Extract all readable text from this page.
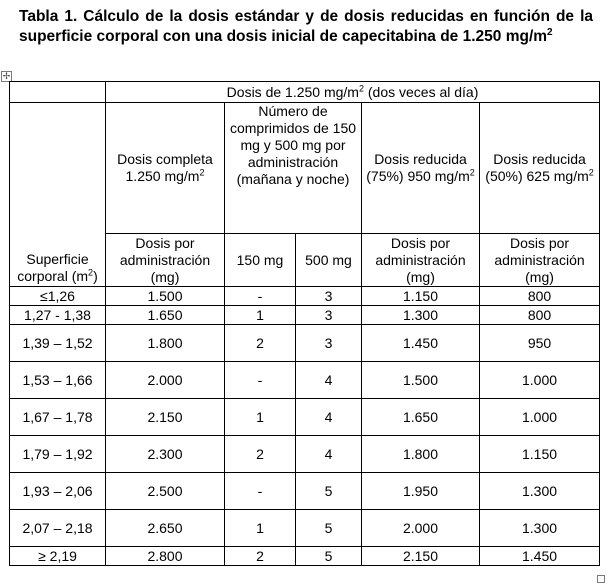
Tabla 1. Cálculo de la dosis estándar y de dosis reducidas en función de la superficie corporal con una dosis inicial de capecitabina de 1.250 $mg/m^2$
✢
	Dosis de 1.250 $mg/m^2$ (dos veces al día)				
Superficie corporal $(m^2)$	Dosis completa 1.250 $mg/m^2$	Número de comprimidos de 150 mg y 500 mg por administración (mañana y noche)		Dosis reducida (75%) 950 $mg/m^2$	Dosis reducida (50%) 625 $mg/m^2$
	Dosis por administración (mg)	150 mg	500 mg	Dosis por administración (mg)	Dosis por administración (mg)
≤1,26	1.500	-	3	1.150	800
1,27 - 1,38	1.650	1	3	1.300	800
1,39 – 1,52	1.800	2	3	1.450	950
1,53 – 1,66	2.000	-	4	1.500	1.000
1,67 – 1,78	2.150	1	4	1.650	1.000
1,79 – 1,92	2.300	2	4	1.800	1.150
1,93 – 2,06	2.500	-	5	1.950	1.300
2,07 – 2,18	2.650	1	5	2.000	1.300
≥ 2,19	2.800	2	5	2.150	1.450
